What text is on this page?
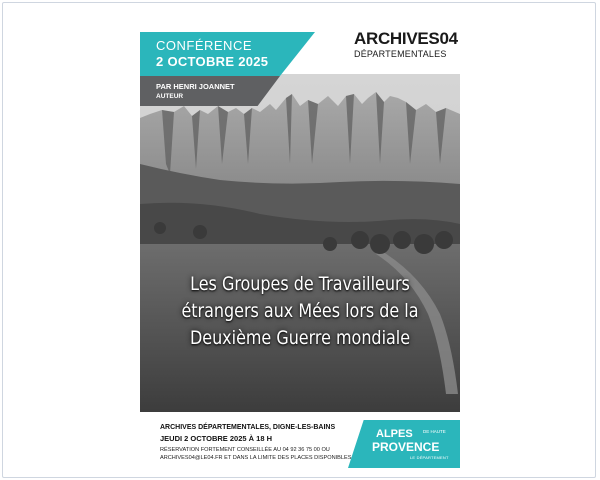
CONFÉRENCE
2 OCTOBRE 2025
PAR HENRI JOANNET
AUTEUR
ARCHIVES04
DÉPARTEMENTALES
Les Groupes de Travailleurs
étrangers aux Mées lors de la
Deuxième Guerre mondiale
ARCHIVES DÉPARTEMENTALES, DIGNE-LES-BAINS
JEUDI 2 OCTOBRE 2025 À 18 H
RÉSERVATION FORTEMENT CONSEILLÉE AU 04 92 36 75 00 OU
ARCHIVES04@LE04.FR ET DANS LA LIMITE DES PLACES DISPONIBLES
ALPES DE HAUTE
PROVENCE
LE DÉPARTEMENT
